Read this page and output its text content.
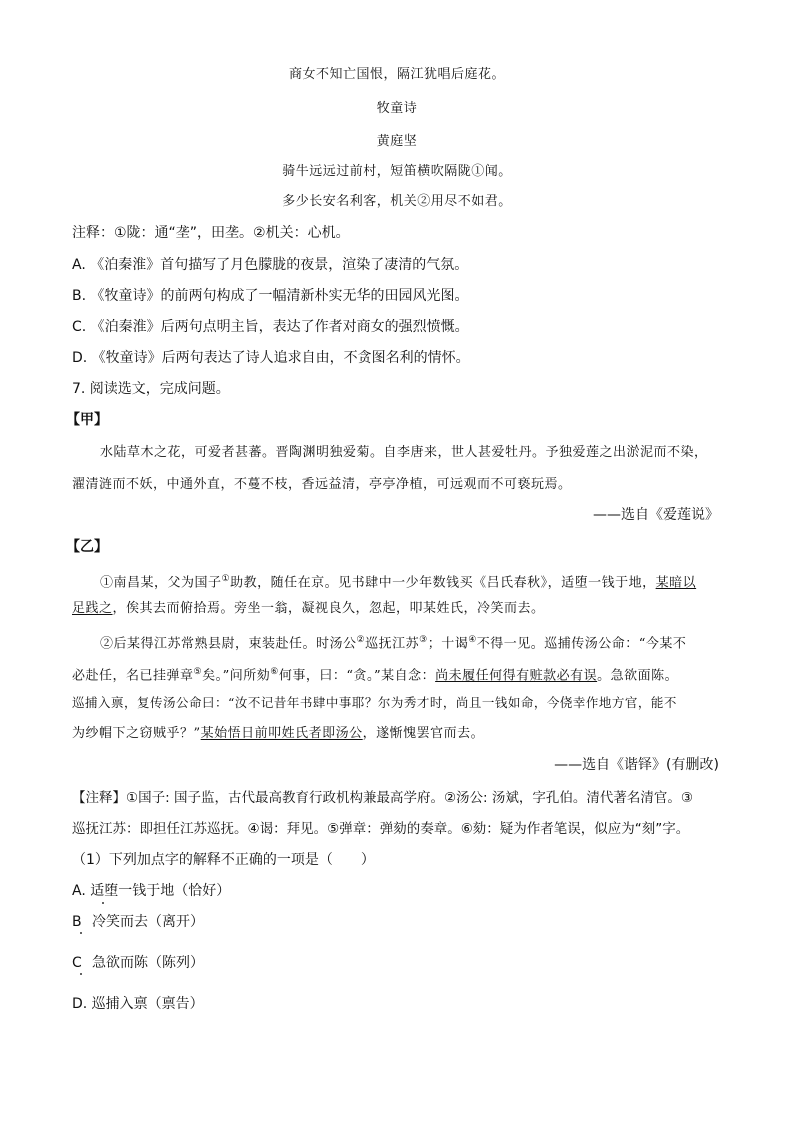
商女不知亡国恨，隔江犹唱后庭花。
牧童诗
黄庭坚
骑牛远远过前村，短笛横吹隔陇①闻。
多少长安名利客，机关②用尽不如君。
注释：①陇：通“垄”，田垄。②机关：心机。
A. 《泊秦淮》首句描写了月色朦胧的夜景，渲染了凄清的气氛。
B. 《牧童诗》的前两句构成了一幅清新朴实无华的田园风光图。
C. 《泊秦淮》后两句点明主旨，表达了作者对商女的强烈愤慨。
D. 《牧童诗》后两句表达了诗人追求自由，不贪图名利的情怀。
7. 阅读选文，完成问题。
【甲】
水陆草木之花，可爱者甚蕃。晋陶渊明独爱菊。自李唐来，世人甚爱牡丹。予独爱莲之出淤泥而不染，
濯清涟而不妖，中通外直，不蔓不枝，香远益清，亭亭净植，可远观而不可亵玩焉。
——选自《爱莲说》
【乙】
①南昌某，父为国子①助教，随任在京。见书肆中一少年数钱买《吕氏春秋》，适堕一钱于地，某暗以
足践之，俟其去而俯拾焉。旁坐一翁，凝视良久，忽起，叩某姓氏，冷笑而去。
②后某得江苏常熟县尉，束装赴任。时汤公②巡抚江苏③；十谒④不得一见。巡捕传汤公命：“今某不
必赴任，名已挂弹章⑤矣。”问所劾⑥何事，曰：“贪。”某自念：尚未履任何得有赃款必有误。急欲面陈。
巡捕入禀，复传汤公命曰：“汝不记昔年书肆中事耶？尔为秀才时，尚且一钱如命，今侥幸作地方官，能不
为纱帽下之窃贼乎？”某始悟日前叩姓氏者即汤公，遂惭愧罢官而去。
——选自《谐铎》(有删改)
【注释】①国子: 国子监，古代最高教育行政机构兼最高学府。②汤公: 汤斌，字孔伯。清代著名清官。③
巡抚江苏：即担任江苏巡抚。④谒：拜见。⑤弹章：弹劾的奏章。⑥劾：疑为作者笔误，似应为“刻”字。
（1）下列加点字的解释不正确的一项是（　　）
A. 适堕一钱于地（恰好）
B 冷笑而去（离开）
C 急欲而陈（陈列）
D. 巡捕入禀（禀告）
